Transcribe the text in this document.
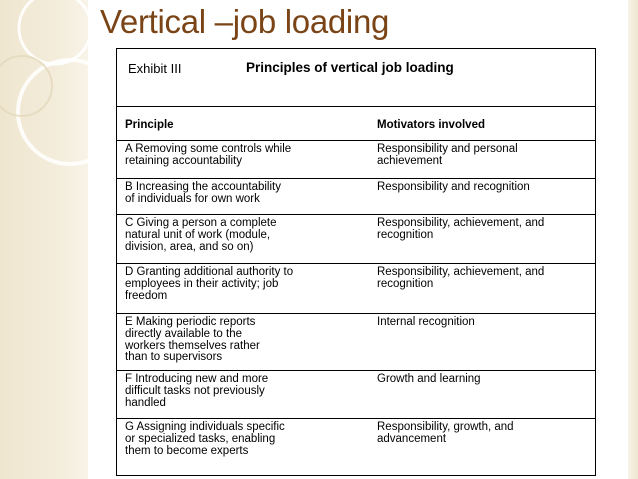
Vertical –job loading
Exhibit III	Principles of vertical job loading
Principle	Motivators involved
A Removing some controls while
retaining accountability
Responsibility and personal
achievement
B Increasing the accountability
of individuals for own work
Responsibility and recognition
C Giving a person a complete
natural unit of work (module,
division, area, and so on)
Responsibility, achievement, and
recognition
D Granting additional authority to
employees in their activity; job
freedom
Responsibility, achievement, and
recognition
E Making periodic reports
directly available to the
workers themselves rather
than to supervisors
Internal recognition
F Introducing new and more
difficult tasks not previously
handled
Growth and learning
G Assigning individuals specific
or specialized tasks, enabling
them to become experts
Responsibility, growth, and
advancement
